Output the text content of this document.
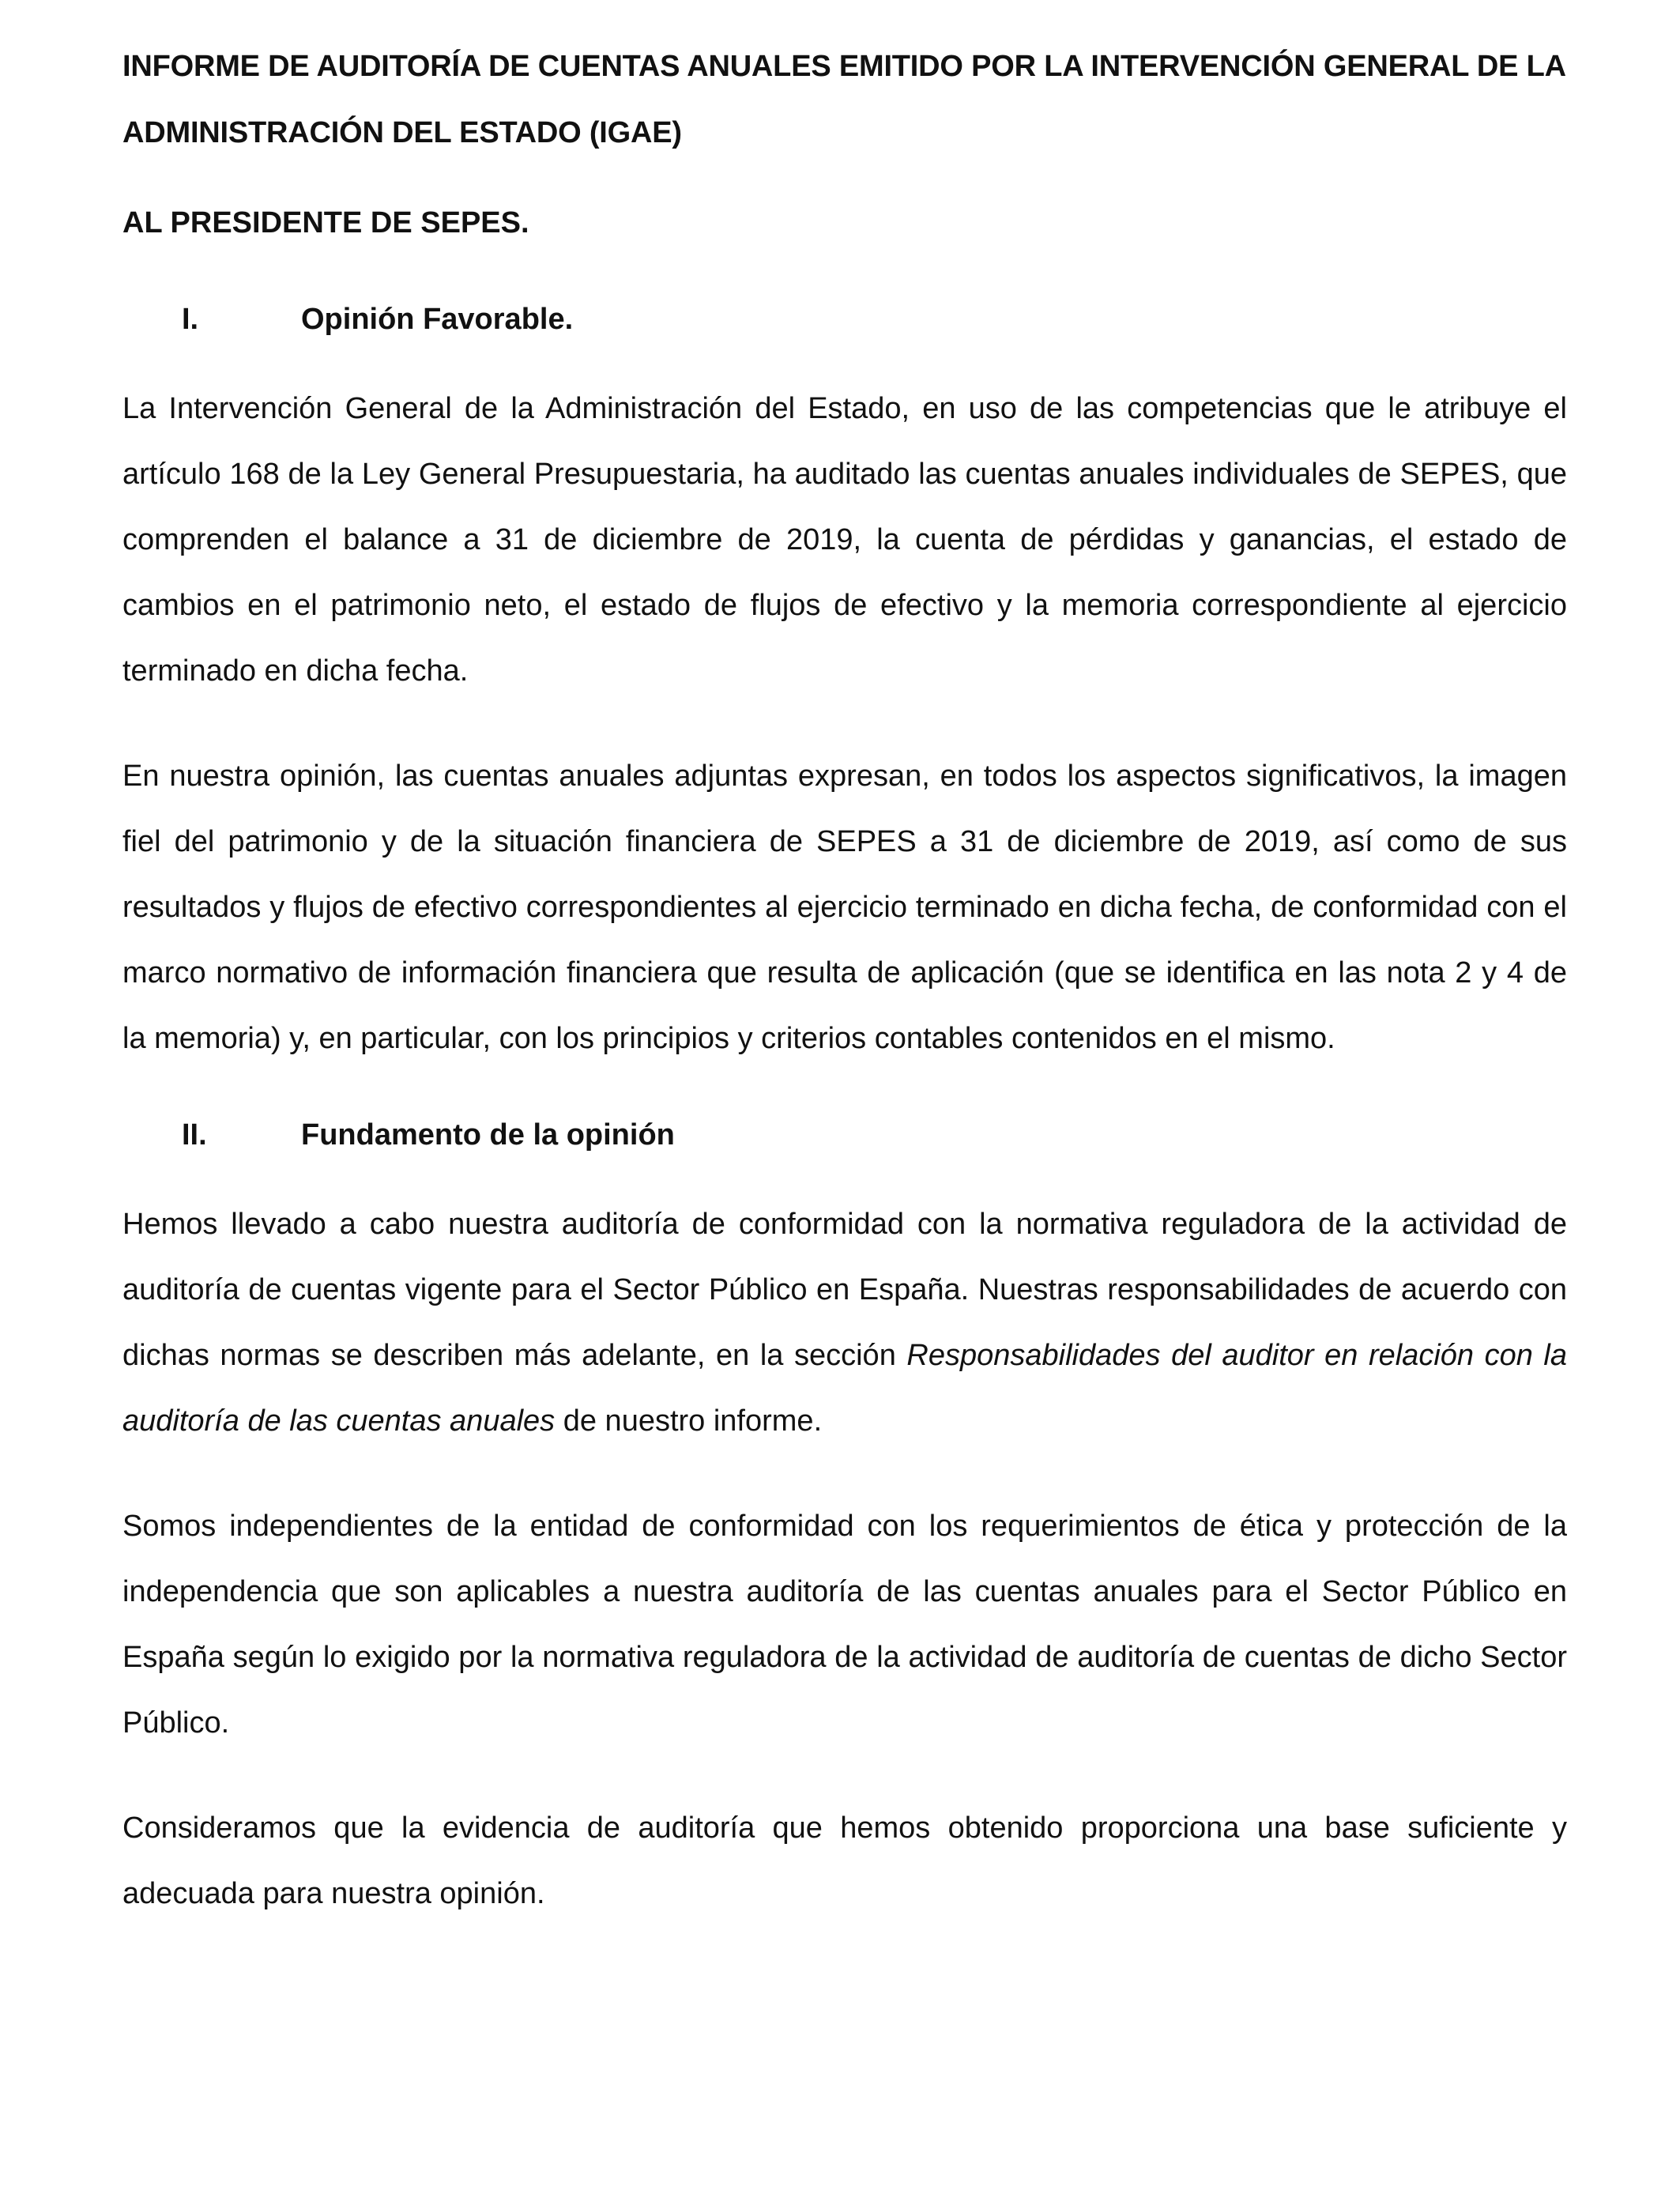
INFORME DE AUDITORÍA DE CUENTAS ANUALES EMITIDO POR LA INTERVENCIÓN GENERAL DE LA

ADMINISTRACIÓN DEL ESTADO (IGAE)

AL PRESIDENTE DE SEPES.

I.	Opinión Favorable.

La Intervención General de la Administración del Estado, en uso de las competencias que le atribuye el artículo 168 de la Ley General Presupuestaria, ha auditado las cuentas anuales individuales de SEPES, que comprenden el balance a 31 de diciembre de 2019, la cuenta de pérdidas y ganancias, el estado de cambios en el patrimonio neto, el estado de flujos de efectivo y la memoria correspondiente al ejercicio terminado en dicha fecha.

En nuestra opinión, las cuentas anuales adjuntas expresan, en todos los aspectos significativos, la imagen fiel del patrimonio y de la situación financiera de SEPES a 31 de diciembre de 2019, así como de sus resultados y flujos de efectivo correspondientes al ejercicio terminado en dicha fecha, de conformidad con el marco normativo de información financiera que resulta de aplicación (que se identifica en las nota 2 y 4 de la memoria) y, en particular, con los principios y criterios contables contenidos en el mismo.

II.	Fundamento de la opinión

Hemos llevado a cabo nuestra auditoría de conformidad con la normativa reguladora de la actividad de auditoría de cuentas vigente para el Sector Público en España. Nuestras responsabilidades de acuerdo con dichas normas se describen más adelante, en la sección Responsabilidades del auditor en relación con la auditoría de las cuentas anuales de nuestro informe.

Somos independientes de la entidad de conformidad con los requerimientos de ética y protección de la independencia que son aplicables a nuestra auditoría de las cuentas anuales para el Sector Público en España según lo exigido por la normativa reguladora de la actividad de auditoría de cuentas de dicho Sector Público.

Consideramos que la evidencia de auditoría que hemos obtenido proporciona una base suficiente y adecuada para nuestra opinión.
